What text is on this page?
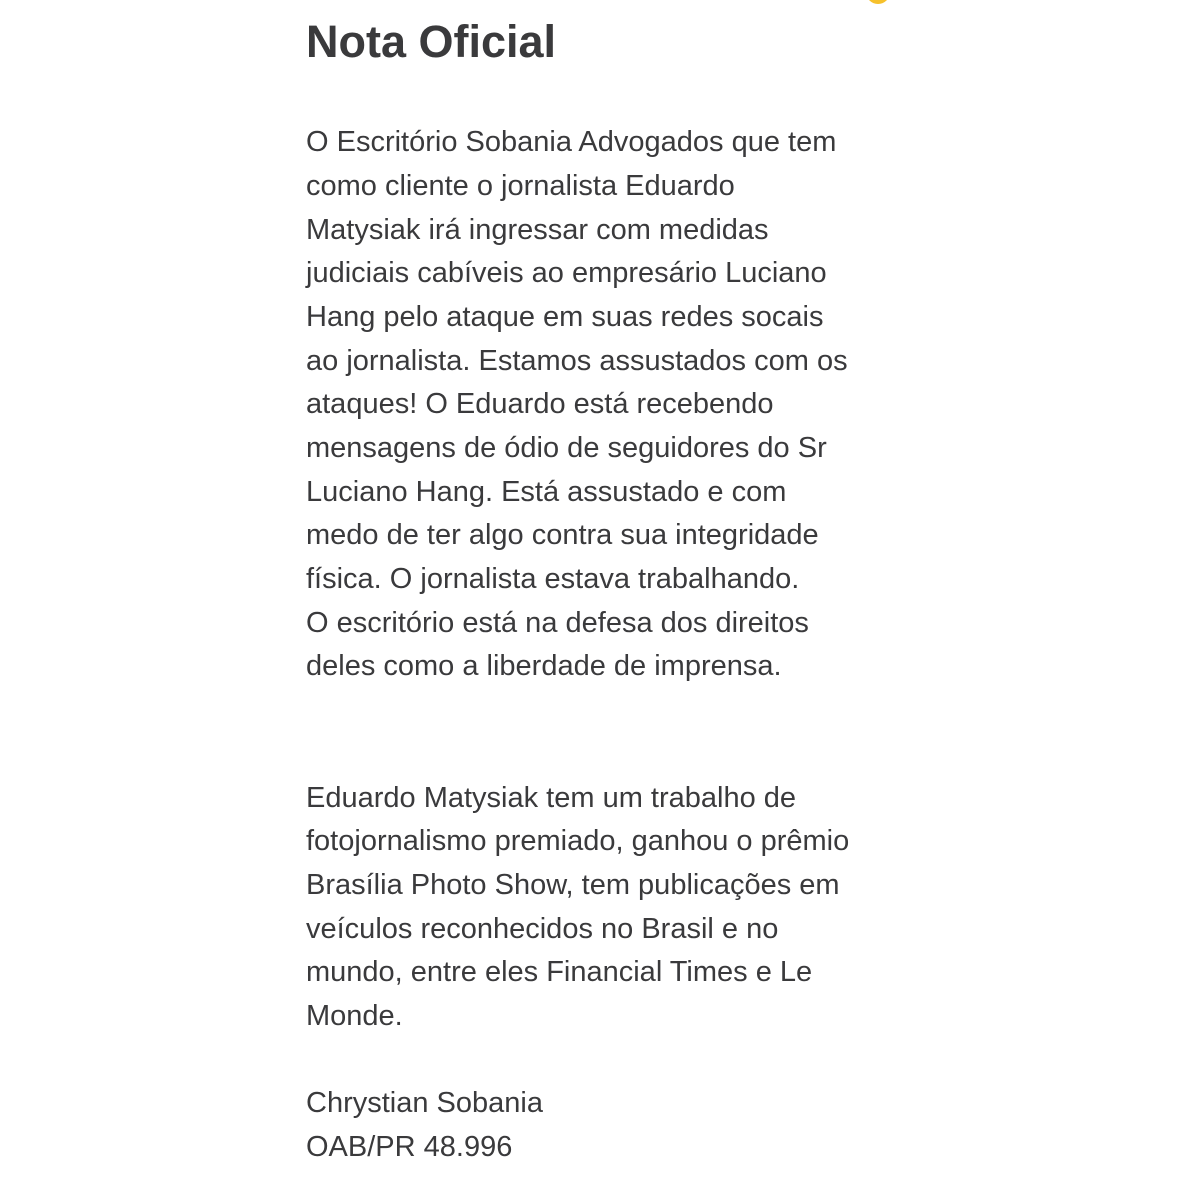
Nota Oficial

O Escritório Sobania Advogados que tem

como cliente o jornalista Eduardo

Matysiak irá ingressar com medidas

judiciais cabíveis ao empresário Luciano

Hang pelo ataque em suas redes socais

ao jornalista. Estamos assustados com os

ataques! O Eduardo está recebendo

mensagens de ódio de seguidores do Sr

Luciano Hang. Está assustado e com

medo de ter algo contra sua integridade

física. O jornalista estava trabalhando.

O escritório está na defesa dos direitos

deles como a liberdade de imprensa.

Eduardo Matysiak tem um trabalho de

fotojornalismo premiado, ganhou o prêmio

Brasília Photo Show, tem publicações em

veículos reconhecidos no Brasil e no

mundo, entre eles Financial Times e Le

Monde.

Chrystian Sobania

OAB/PR 48.996
